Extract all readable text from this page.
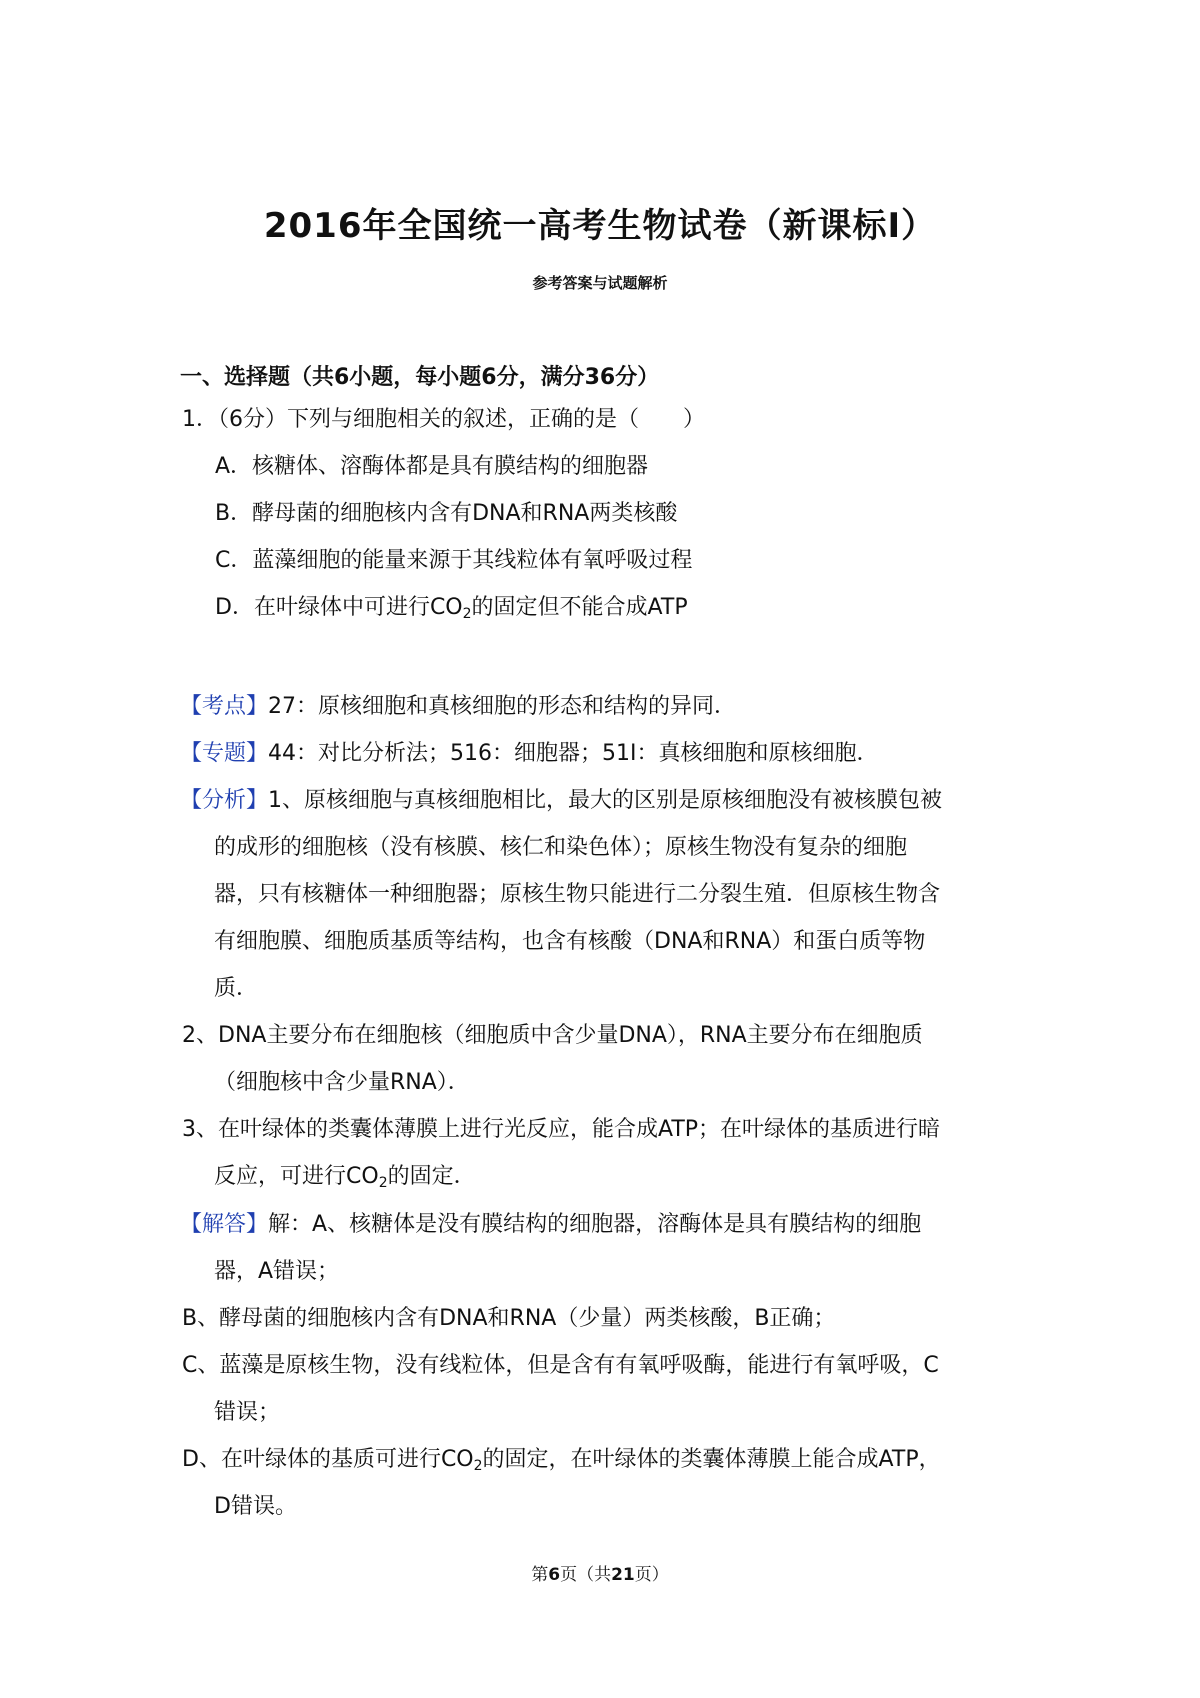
2016年全国统一高考生物试卷（新课标Ⅰ）
参考答案与试题解析
一、选择题（共6小题，每小题6分，满分36分）
1．（6分）下列与细胞相关的叙述，正确的是（　　）
A．核糖体、溶酶体都是具有膜结构的细胞器
B．酵母菌的细胞核内含有DNA和RNA两类核酸
C．蓝藻细胞的能量来源于其线粒体有氧呼吸过程
D．在叶绿体中可进行$CO_2$的固定但不能合成ATP
【考点】27：原核细胞和真核细胞的形态和结构的异同．
【专题】44：对比分析法；516：细胞器；51I：真核细胞和原核细胞．
【分析】1、原核细胞与真核细胞相比，最大的区别是原核细胞没有被核膜包被
的成形的细胞核（没有核膜、核仁和染色体）；原核生物没有复杂的细胞
器，只有核糖体一种细胞器；原核生物只能进行二分裂生殖．但原核生物含
有细胞膜、细胞质基质等结构，也含有核酸（DNA和RNA）和蛋白质等物
质．
2、DNA主要分布在细胞核（细胞质中含少量DNA），RNA主要分布在细胞质
（细胞核中含少量RNA）．
3、在叶绿体的类囊体薄膜上进行光反应，能合成ATP；在叶绿体的基质进行暗
反应，可进行$CO_2$的固定．
【解答】解：A、核糖体是没有膜结构的细胞器，溶酶体是具有膜结构的细胞
器，A错误；
B、酵母菌的细胞核内含有DNA和RNA（少量）两类核酸，B正确；
C、蓝藻是原核生物，没有线粒体，但是含有有氧呼吸酶，能进行有氧呼吸，C
错误；
D、在叶绿体的基质可进行$CO_2$的固定，在叶绿体的类囊体薄膜上能合成ATP，
D错误。
第6页（共21页）
